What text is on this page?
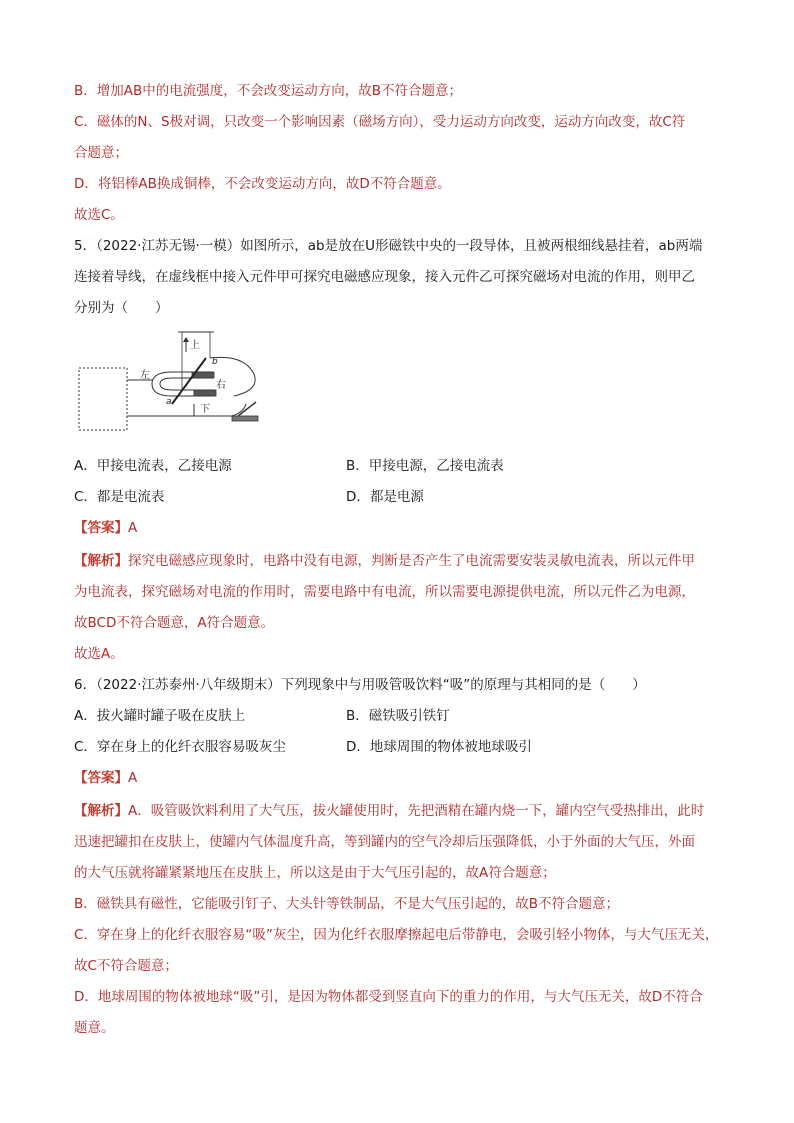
B．增加AB中的电流强度，不会改变运动方向，故B不符合题意；
C．磁体的N、S极对调，只改变一个影响因素（磁场方向），受力运动方向改变，运动方向改变，故C符
合题意；
D．将铝棒AB换成铜棒，不会改变运动方向，故D不符合题意。
故选C。
5．（2022·江苏无锡·一模）如图所示，ab是放在U形磁铁中央的一段导体，且被两根细线悬挂着，ab两端
连接着导线，在虚线框中接入元件甲可探究电磁感应现象，接入元件乙可探究磁场对电流的作用，则甲乙
分别为（　　）
上
下
左
右
a
b
A．甲接电流表，乙接电源	B．甲接电源，乙接电流表
C．都是电流表	D．都是电源
【答案】A
【解析】探究电磁感应现象时，电路中没有电源，判断是否产生了电流需要安装灵敏电流表，所以元件甲
为电流表，探究磁场对电流的作用时，需要电路中有电流，所以需要电源提供电流，所以元件乙为电源，
故BCD不符合题意，A符合题意。
故选A。
6．（2022·江苏泰州·八年级期末）下列现象中与用吸管吸饮料“吸”的原理与其相同的是（　　）
A．拔火罐时罐子吸在皮肤上	B．磁铁吸引铁钉
C．穿在身上的化纤衣服容易吸灰尘	D．地球周围的物体被地球吸引
【答案】A
【解析】A．吸管吸饮料利用了大气压，拔火罐使用时，先把酒精在罐内烧一下，罐内空气受热排出，此时
迅速把罐扣在皮肤上，使罐内气体温度升高，等到罐内的空气冷却后压强降低，小于外面的大气压，外面
的大气压就将罐紧紧地压在皮肤上，所以这是由于大气压引起的，故A符合题意；
B．磁铁具有磁性，它能吸引钉子、大头针等铁制品，不是大气压引起的，故B不符合题意；
C．穿在身上的化纤衣服容易“吸”灰尘，因为化纤衣服摩擦起电后带静电，会吸引轻小物体，与大气压无关，
故C不符合题意；
D．地球周围的物体被地球“吸”引，是因为物体都受到竖直向下的重力的作用，与大气压无关，故D不符合
题意。
